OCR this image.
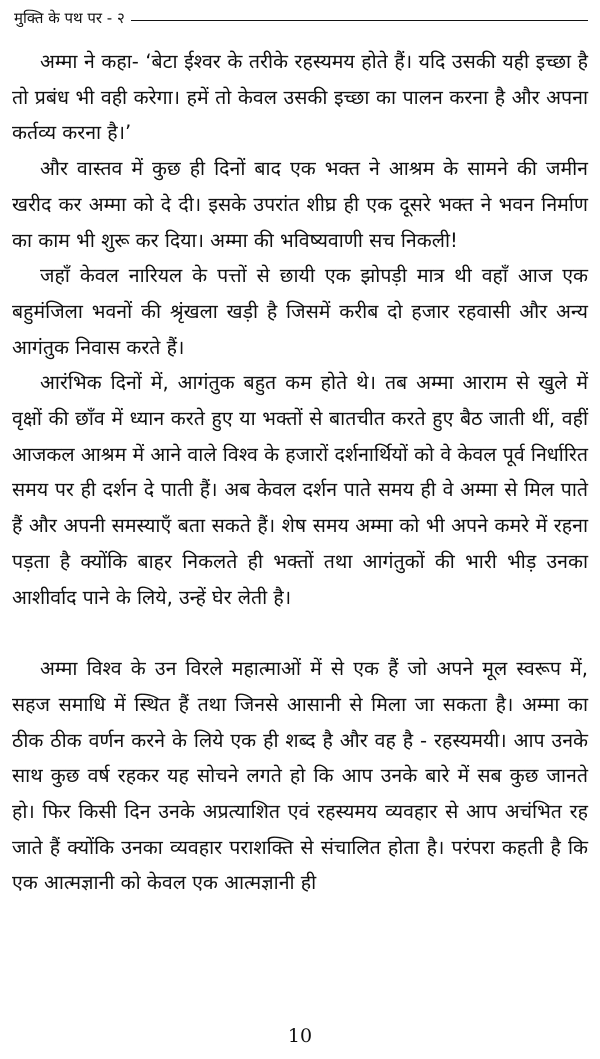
मुक्ति के पथ पर - २

अम्मा ने कहा- ‘बेटा ईश्वर के तरीके रहस्यमय होते हैं। यदि उसकी यही इच्छा है तो प्रबंध भी वही करेगा। हमें तो केवल उसकी इच्छा का पालन करना है और अपना कर्तव्य करना है।’

और वास्तव में कुछ ही दिनों बाद एक भक्त ने आश्रम के सामने की जमीन खरीद कर अम्मा को दे दी। इसके उपरांत शीघ्र ही एक दूसरे भक्त ने भवन निर्माण का काम भी शुरू कर दिया। अम्मा की भविष्यवाणी सच निकली!

जहाँ केवल नारियल के पत्तों से छायी एक झोपड़ी मात्र थी वहाँ आज एक बहुमंजिला भवनों की श्रृंखला खड़ी है जिसमें करीब दो हजार रहवासी और अन्य आगंतुक निवास करते हैं।

आरंभिक दिनों में, आगंतुक बहुत कम होते थे। तब अम्मा आराम से खुले में वृक्षों की छाँव में ध्यान करते हुए या भक्तों से बातचीत करते हुए बैठ जाती थीं, वहीं आजकल आश्रम में आने वाले विश्व के हजारों दर्शनार्थियों को वे केवल पूर्व निर्धारित समय पर ही दर्शन दे पाती हैं। अब केवल दर्शन पाते समय ही वे अम्मा से मिल पाते हैं और अपनी समस्याएँ बता सकते हैं। शेष समय अम्मा को भी अपने कमरे में रहना पड़ता है क्योंकि बाहर निकलते ही भक्तों तथा आगंतुकों की भारी भीड़ उनका आशीर्वाद पाने के लिये, उन्हें घेर लेती है।

अम्मा विश्व के उन विरले महात्माओं में से एक हैं जो अपने मूल स्वरूप में, सहज समाधि में स्थित हैं तथा जिनसे आसानी से मिला जा सकता है। अम्मा का ठीक ठीक वर्णन करने के लिये एक ही शब्द है और वह है - रहस्यमयी। आप उनके साथ कुछ वर्ष रहकर यह सोचने लगते हो कि आप उनके बारे में सब कुछ जानते हो। फिर किसी दिन उनके अप्रत्याशित एवं रहस्यमय व्यवहार से आप अचंभित रह जाते हैं क्योंकि उनका व्यवहार पराशक्ति से संचालित होता है। परंपरा कहती है कि एक आत्मज्ञानी को केवल एक आत्मज्ञानी ही

10
